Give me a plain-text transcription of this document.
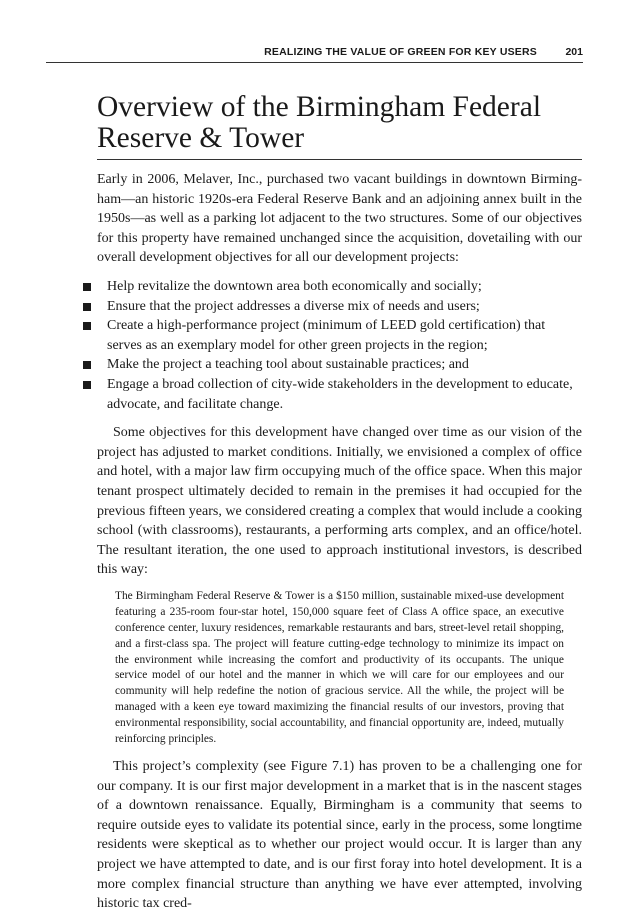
REALIZING THE VALUE OF GREEN FOR KEY USERS	201
Overview of the Birmingham Federal Reserve & Tower

Early in 2006, Melaver, Inc., purchased two vacant buildings in downtown Birmingham—an historic 1920s-era Federal Reserve Bank and an adjoining annex built in the 1950s—as well as a parking lot adjacent to the two structures. Some of our objectives for this property have remained unchanged since the acquisition, dovetailing with our overall development objectives for all our development projects:

Help revitalize the downtown area both economically and socially;
Ensure that the project addresses a diverse mix of needs and users;
Create a high-performance project (minimum of LEED gold certification) that serves as an exemplary model for other green projects in the region;
Make the project a teaching tool about sustainable practices; and
Engage a broad collection of city-wide stakeholders in the development to educate, advocate, and facilitate change.

Some objectives for this development have changed over time as our vision of the project has adjusted to market conditions. Initially, we envisioned a complex of office and hotel, with a major law firm occupying much of the office space. When this major tenant prospect ultimately decided to remain in the premises it had occupied for the previous fifteen years, we considered creating a complex that would include a cooking school (with classrooms), restaurants, a performing arts complex, and an office/hotel. The resultant iteration, the one used to approach institutional investors, is described this way:

The Birmingham Federal Reserve & Tower is a $150 million, sustainable mixed-use development featuring a 235-room four-star hotel, 150,000 square feet of Class A office space, an executive conference center, luxury residences, remarkable restaurants and bars, street-level retail shopping, and a first-class spa. The project will feature cutting-edge technology to minimize its impact on the environment while increasing the comfort and productivity of its occupants. The unique service model of our hotel and the manner in which we will care for our employees and our community will help redefine the notion of gracious service. All the while, the project will be managed with a keen eye toward maximizing the financial results of our investors, proving that environmental responsibility, social accountability, and financial opportunity are, indeed, mutually reinforcing principles.

This project’s complexity (see Figure 7.1) has proven to be a challenging one for our company. It is our first major development in a market that is in the nascent stages of a downtown renaissance. Equally, Birmingham is a community that seems to require outside eyes to validate its potential since, early in the process, some longtime residents were skeptical as to whether our project would occur. It is larger than any project we have attempted to date, and is our first foray into hotel development. It is a more complex financial structure than anything we have ever attempted, involving historic tax cred-
